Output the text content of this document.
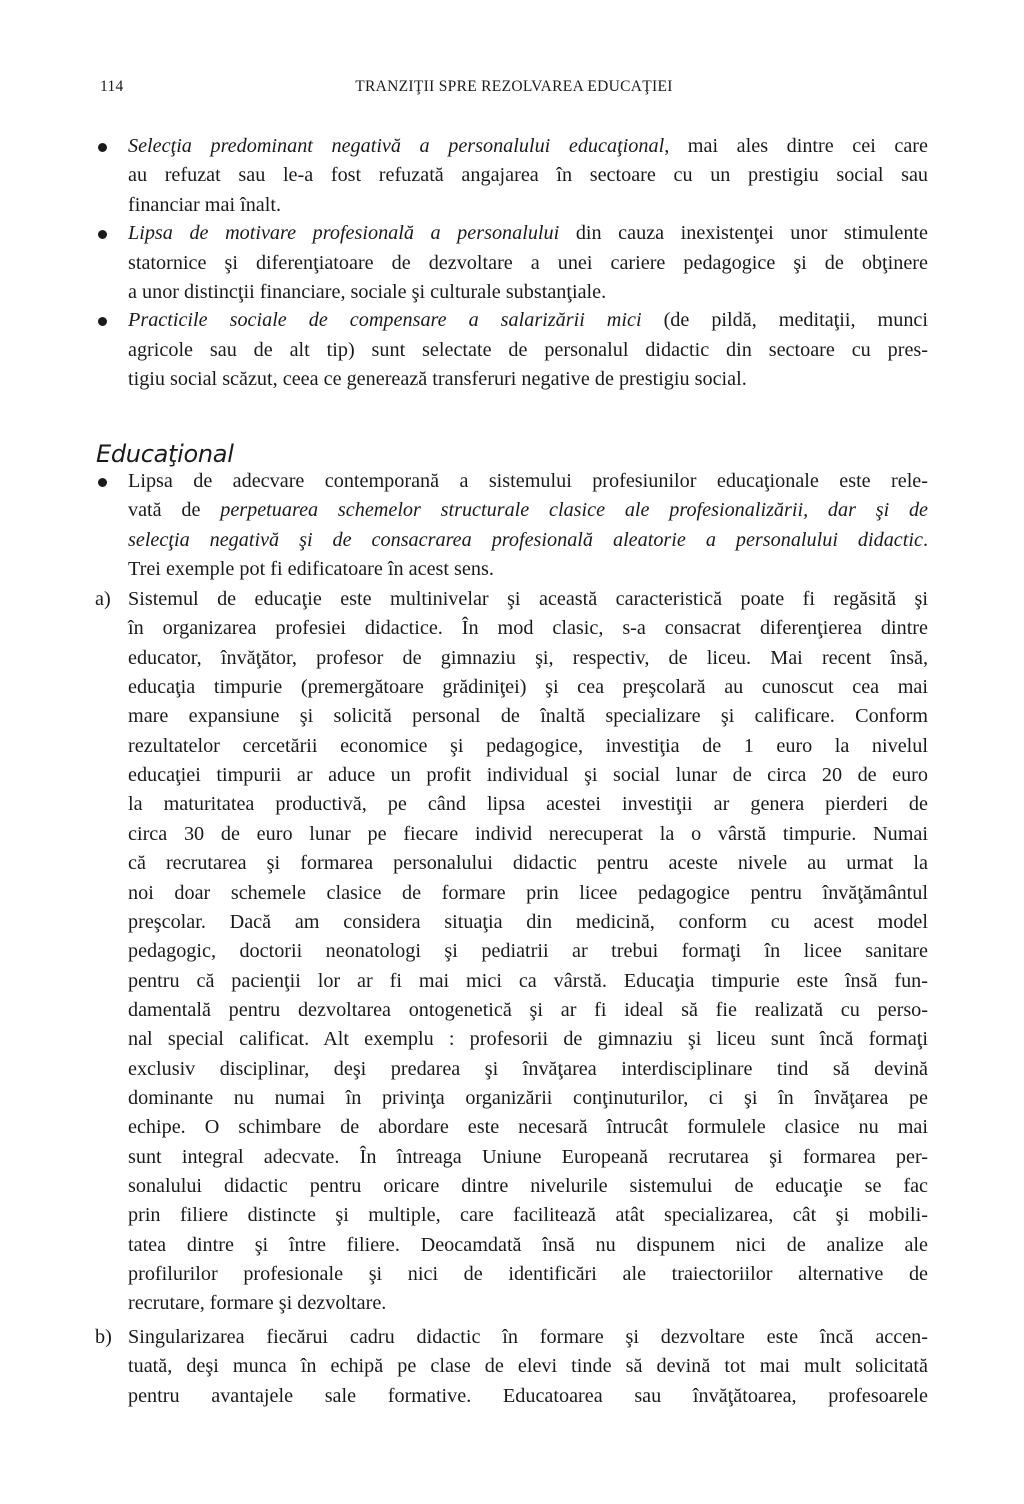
114	TRANZIŢII SPRE REZOLVAREA EDUCAŢIEI
Selecţia predominant negativă a personalului educaţional, mai ales dintre cei care
au refuzat sau le-a fost refuzată angajarea în sectoare cu un prestigiu social sau
financiar mai înalt.
Lipsa de motivare profesională a personalului din cauza inexistenţei unor stimulente
statornice şi diferenţiatoare de dezvoltare a unei cariere pedagogice şi de obţinere
a unor distincţii financiare, sociale şi culturale substanţiale.
Practicile sociale de compensare a salarizării mici (de pildă, meditaţii, munci
agricole sau de alt tip) sunt selectate de personalul didactic din sectoare cu pres-
tigiu social scăzut, ceea ce generează transferuri negative de prestigiu social.
Educaţional
Lipsa de adecvare contemporană a sistemului profesiunilor educaţionale este rele-
vată de perpetuarea schemelor structurale clasice ale profesionalizării, dar şi de
selecţia negativă şi de consacrarea profesională aleatorie a personalului didactic.
Trei exemple pot fi edificatoare în acest sens.
a) Sistemul de educaţie este multinivelar şi această caracteristică poate fi regăsită şi
în organizarea profesiei didactice. În mod clasic, s-a consacrat diferenţierea dintre
educator, învăţător, profesor de gimnaziu şi, respectiv, de liceu. Mai recent însă,
educaţia timpurie (premergătoare grădiniţei) şi cea preşcolară au cunoscut cea mai
mare expansiune şi solicită personal de înaltă specializare şi calificare. Conform
rezultatelor cercetării economice şi pedagogice, investiţia de 1 euro la nivelul
educaţiei timpurii ar aduce un profit individual şi social lunar de circa 20 de euro
la maturitatea productivă, pe când lipsa acestei investiţii ar genera pierderi de
circa 30 de euro lunar pe fiecare individ nerecuperat la o vârstă timpurie. Numai
că recrutarea şi formarea personalului didactic pentru aceste nivele au urmat la
noi doar schemele clasice de formare prin licee pedagogice pentru învăţământul
preşcolar. Dacă am considera situaţia din medicină, conform cu acest model
pedagogic, doctorii neonatologi şi pediatrii ar trebui formaţi în licee sanitare
pentru că pacienţii lor ar fi mai mici ca vârstă. Educaţia timpurie este însă fun-
damentală pentru dezvoltarea ontogenetică şi ar fi ideal să fie realizată cu perso-
nal special calificat. Alt exemplu : profesorii de gimnaziu şi liceu sunt încă formaţi
exclusiv disciplinar, deşi predarea şi învăţarea interdisciplinare tind să devină
dominante nu numai în privinţa organizării conţinuturilor, ci şi în învăţarea pe
echipe. O schimbare de abordare este necesară întrucât formulele clasice nu mai
sunt integral adecvate. În întreaga Uniune Europeană recrutarea şi formarea per-
sonalului didactic pentru oricare dintre nivelurile sistemului de educaţie se fac
prin filiere distincte şi multiple, care facilitează atât specializarea, cât şi mobili-
tatea dintre şi între filiere. Deocamdată însă nu dispunem nici de analize ale
profilurilor profesionale şi nici de identificări ale traiectoriilor alternative de
recrutare, formare şi dezvoltare.
b) Singularizarea fiecărui cadru didactic în formare şi dezvoltare este încă accen-
tuată, deşi munca în echipă pe clase de elevi tinde să devină tot mai mult solicitată
pentru avantajele sale formative. Educatoarea sau învăţătoarea, profesoarele
